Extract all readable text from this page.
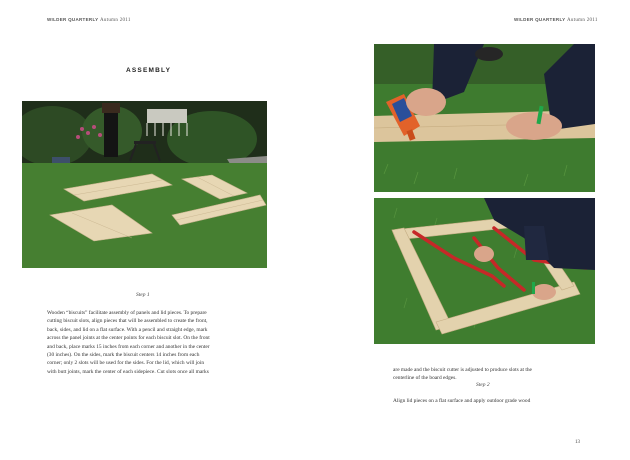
WILDER QUARTERLY Autumn 2011	WILDER QUARTERLY Autumn 2011
ASSEMBLY
Step 1
Wooden “biscuits” facilitate assembly of panels and lid pieces. To prepare
cutting biscuit slots, align pieces that will be assembled to create the front,
back, sides, and lid on a flat surface. With a pencil and straight edge, mark
across the panel joints at the center points for each biscuit slot. On the front
and back, place marks 15 inches from each corner and another in the center
(30 inches). On the sides, mark the biscuit centers 14 inches from each
corner; only 2 slots will be used for the sides. For the lid, which will join
with butt joints, mark the center of each sidepiece. Cut slots once all marks	are made and the biscuit cutter is adjusted to produce slots at the
centerline of the board edges.
Step 2
Align lid pieces on a flat surface and apply outdoor grade wood
13
